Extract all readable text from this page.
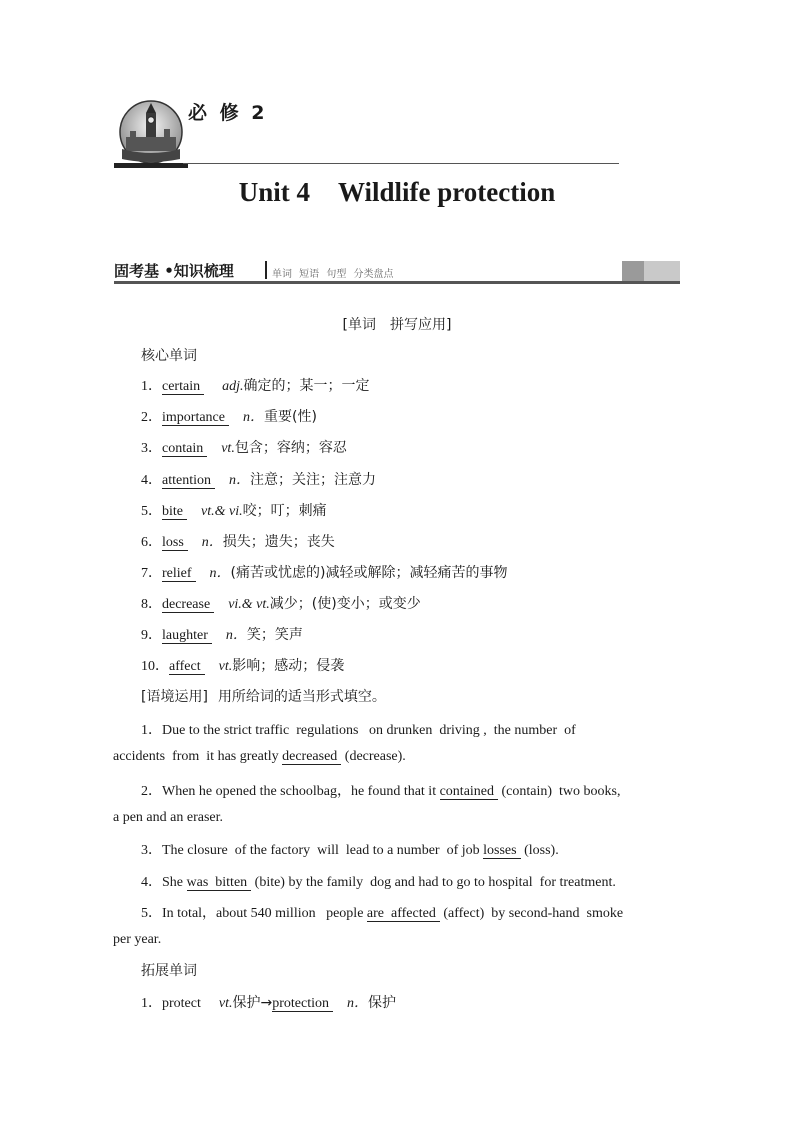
必 修 2
Unit 4 Wildlife protection
固考基 •知识梳理	单词 短语 句型 分类盘点
[单词　拼写应用]
核心单词
1．certain adj.确定的；某一；一定
2．importance n．重要(性)
3．contain vt.包含；容纳；容忍
4．attention n．注意；关注；注意力
5．bite vt.& vi.咬；叮；刺痛
6．loss n．损失；遗失；丧失
7．relief n．(痛苦或忧虑的)减轻或解除；减轻痛苦的事物
8．decrease vi.& vt.减少；(使)变小；或变少
9．laughter n．笑；笑声
10．affect vt.影响；感动；侵袭
[语境运用] 用所给词的适当形式填空。
1．Due to the strict traffic  regulations   on drunken  driving ,  the number  of
accidents  from  it has greatly decreased (decrease).
2．When he opened the schoolbag，he found that it contained (contain)  two books,
a pen and an eraser.
3．The closure  of the factory  will  lead to a number  of job losses (loss).
4．She was  bitten (bite) by the family  dog and had to go to hospital  for treatment.
5．In total，about 540 million   people are  affected (affect)  by second-hand  smoke
per year.
拓展单词
1．protect vt.保护→protection n．保护
